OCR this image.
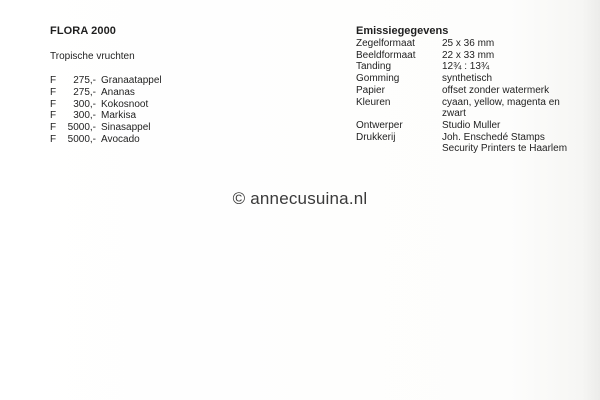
FLORA 2000
Tropische vruchten
F	275,- Granaatappel
F	275,- Ananas
F	300,- Kokosnoot
F	300,- Markisa
F	5000,- Sinasappel
F	5000,- Avocado
Emissiegegevens
Zegelformaat	25 x 36 mm
Beeldformaat	22 x 33 mm
Tanding	12¾ : 13¾
Gomming	synthetisch
Papier	offset zonder watermerk
Kleuren	cyaan, yellow, magenta en
zwart
Ontwerper	Studio Muller
Drukkerij	Joh. Enschedé Stamps
Security Printers te Haarlem
© annecusuina.nl
